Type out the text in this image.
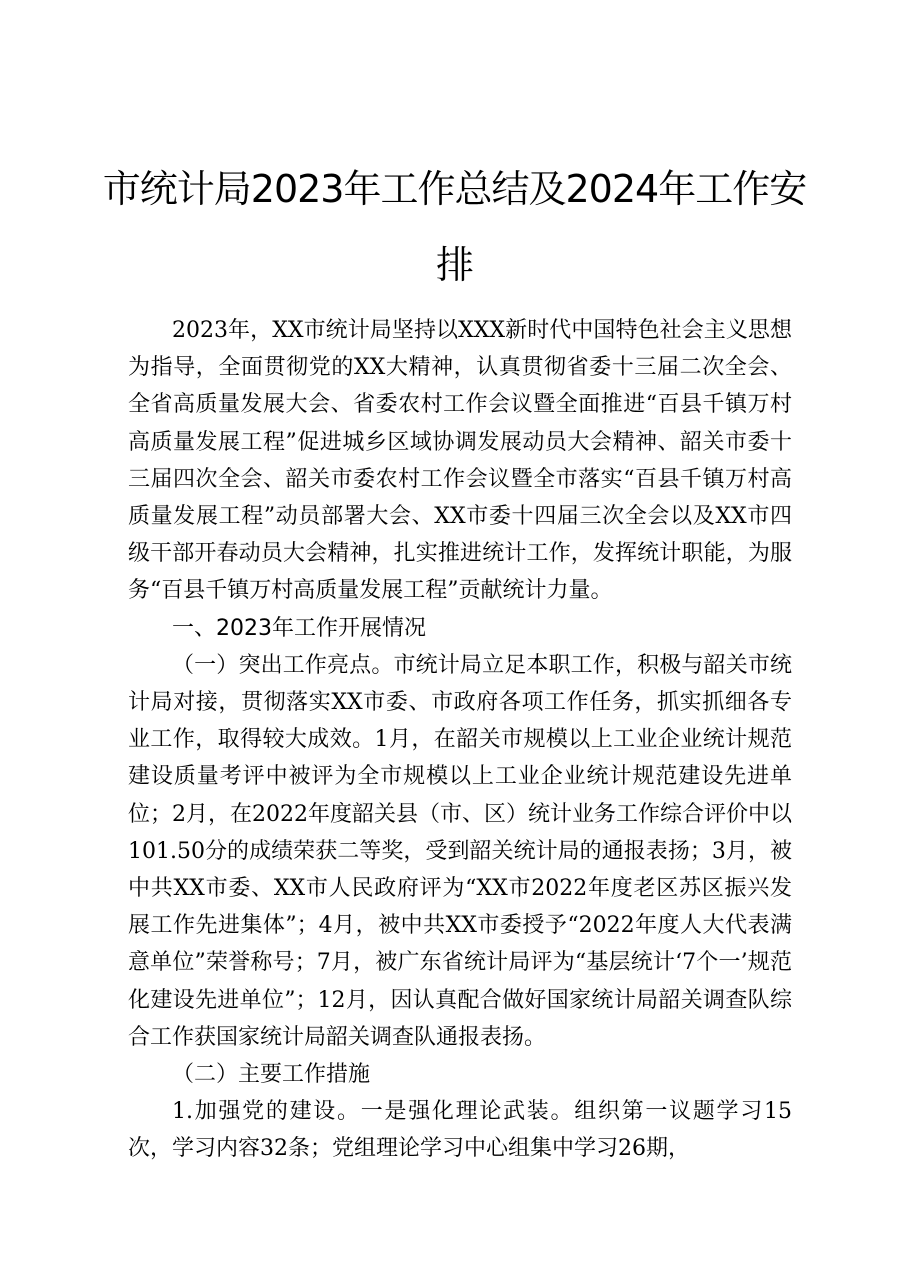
市统计局2023年工作总结及2024年工作安
排

2023年，XX市统计局坚持以XXX新时代中国特色社会主义思想为指导，全面贯彻党的XX大精神，认真贯彻省委十三届二次全会、全省高质量发展大会、省委农村工作会议暨全面推进“百县千镇万村高质量发展工程”促进城乡区域协调发展动员大会精神、韶关市委十三届四次全会、韶关市委农村工作会议暨全市落实“百县千镇万村高质量发展工程”动员部署大会、XX市委十四届三次全会以及XX市四级干部开春动员大会精神，扎实推进统计工作，发挥统计职能，为服务“百县千镇万村高质量发展工程”贡献统计力量。

一、2023年工作开展情况

（一）突出工作亮点。市统计局立足本职工作，积极与韶关市统计局对接，贯彻落实XX市委、市政府各项工作任务，抓实抓细各专业工作，取得较大成效。1月，在韶关市规模以上工业企业统计规范建设质量考评中被评为全市规模以上工业企业统计规范建设先进单位；2月，在2022年度韶关县（市、区）统计业务工作综合评价中以101.50分的成绩荣获二等奖，受到韶关统计局的通报表扬；3月，被中共XX市委、XX市人民政府评为“XX市2022年度老区苏区振兴发展工作先进集体”；4月，被中共XX市委授予“2022年度人大代表满意单位”荣誉称号；7月，被广东省统计局评为“基层统计‘7个一’规范化建设先进单位”；12月，因认真配合做好国家统计局韶关调查队综合工作获国家统计局韶关调查队通报表扬。

（二）主要工作措施

1.加强党的建设。一是强化理论武装。组织第一议题学习15次，学习内容32条；党组理论学习中心组集中学习26期，
